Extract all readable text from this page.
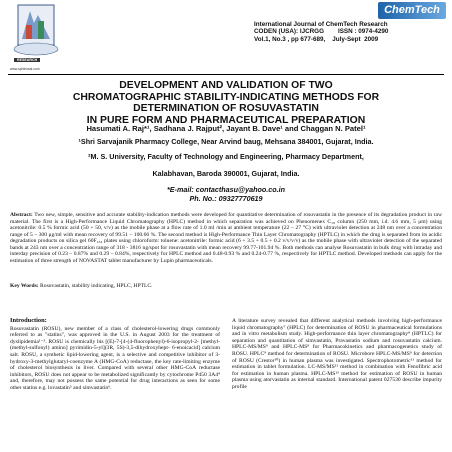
RESEARCH
www.sphinxsai.com
ChemTech
International Journal of ChemTech Research
CODEN (USA): IJCRGG        ISSN : 0974-4290
Vol.1, No.3 , pp 677-689,    July-Sept  2009
DEVELOPMENT AND VALIDATION OF TWO
CHROMATOGRAPHIC STABILITY-INDICATING METHODS FOR
DETERMINATION OF ROSUVASTATIN
IN PURE FORM AND PHARMACEUTICAL PREPARATION
Hasumati A. Raj*¹, Sadhana J. Rajput², Jayant B. Dave¹ and Chaggan N. Patel¹
¹Shri Sarvajanik Pharmacy College, Near Arvind baug, Mehsana 384001, Gujarat, India.
²M. S. University, Faculty of Technology and Engineering, Pharmacy Department,
Kalabhavan, Baroda 390001, Gujarat, India.
*E-mail: contacthasu@yahoo.co.in
Ph. No.: 09327770619
Abstract: Two new, simple, sensitive and accurate stability-indication methods were developed for quantitative determination of rosuvastatin in the presence of its degradation product in raw material. The first is a High-Performance Liquid Chromatography (HPLC) method in which separation was achieved on Phenomenex C₁₈ column (250 mm, i.d. 4.6 mm, 5 μm) using acetonitrile: 0.5 % formic acid (50 + 50, v/v) as the mobile phase at a flow rate of 1.0 ml /min at ambient temperature (22 – 27 °C) with ultraviolet detection at 248 nm over a concentration range of 5 – 300 μg/ml with mean recovery of 99.51 – 100.66 %. The second method is High-Performance Thin Layer Chromatography (HPTLC) in which the drug is separated from its acidic degradation products on silica gel 60F₂₅₄ plates using chloroform: toluene: acetonitrile: formic acid (6 + 3.5 + 0.5 + 0.2 v/v/v/v) as the mobile phase with ultraviolet detection of the separated bands at 243 nm over a concentration range of 318 - 3816 ng/spot for rosuvastatin with mean recovery 99.77-101.94 %. Both methods can analyse Rosuvastatin in bulk drug with intraday and interday precision of 0.23 – 0.87% and 0.29 – 0.84%, respectively for HPLC method and 0.48-0.93 % and 0.24-0.77 %, respectively for HPTLC method. Developed methods can apply for the estimation of three strength of NOVASTAT tablet manufacturer by Lupin pharmaceuticals.
Key Words: Rosuvastatin, stability indicating, HPLC, HPTLC.
Introduction:
Rosuvastatin (ROSU), new member of a class of cholesterol-lowering drugs commonly referred to as "statins", was approved in the U.S. in August 2003 for the treatment of dyslipidemia¹⁻³. ROSU is chemically bis [(E)-7-[4-(4-fluorophenyl)-6-isopropyl-2- [methyl- (methyl-sulfonyl) amino] pyrimidin-5-yl](3R, 5S)-3,5-dihydroxyhept- 6-enoicacid] calcium salt. ROSU, a synthetic lipid-lowering agent, is a selective and competitive inhibitor of 3-hydroxy-3-methylglutaryl-coenzyme A (HMG-CoA) reductase, the key rate-limiting enzyme of cholesterol biosynthesis in liver. Compared with several other HMG-CoA reductase inhibitors, ROSU does not appear to be metabolized significantly by cytochrome P450 3A4⁴ and, therefore, may not possess the same potential for drug interactions as seen for some other statins e.g. lovastatin⁵ and simvastatin⁶.
A literature survey revealed that different analytical methods involving high-performance liquid chromatography⁷ (HPLC) for determination of ROSU in pharmaceutical formulations and in vitro metabolism study. High-performance thin layer chromatography⁸ (HPTLC) for separation and quantitation of simvastatin, Pravastatin sodium and rosuvastatin calcium. HPLC-MS/MS⁹ and HPLC-MS⁸ for Pharmacokinetics and pharmacogenetics study of ROSU. HPLC⁹ method for determination of ROSU. Microbore HPLC-MS/MS⁹ for detection of ROSU (Crestor¹⁰) in human plasma was investigated. Spectrophotometric¹¹ method for estimation in tablet formulation. LC-MS/MS¹² method in combination with Fenofibric acid for estimation in human plasma. HPLC-MS¹³ method for estimation of ROSU in human plasma using atorvastatin as internal standard. International patent 027530 describe impurity profile
